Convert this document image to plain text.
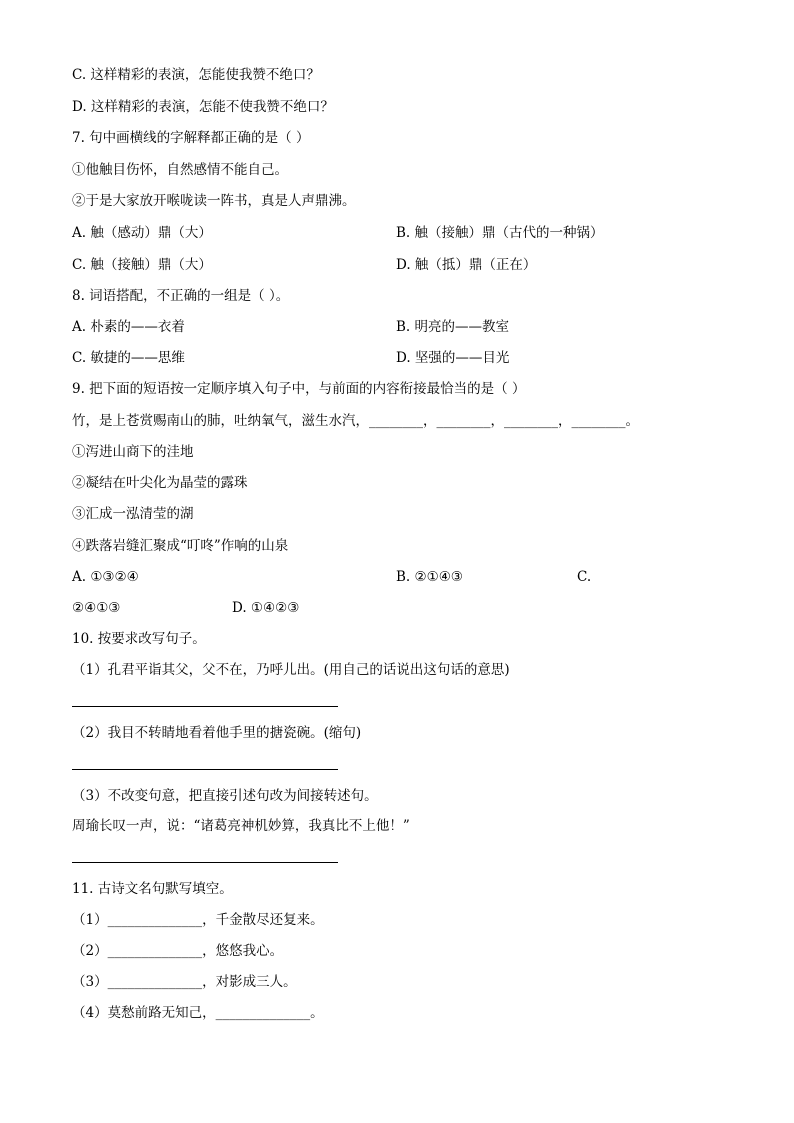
C. 这样精彩的表演，怎能使我赞不绝口？
D. 这样精彩的表演，怎能不使我赞不绝口？
7. 句中画横线的字解释都正确的是（ ）
①他触目伤怀，自然感情不能自己。
②于是大家放开喉咙读一阵书，真是人声鼎沸。
A. 触（感动）鼎（大）	B. 触（接触）鼎（古代的一种锅）
C. 触（接触）鼎（大）	D. 触（抵）鼎（正在）
8. 词语搭配，不正确的一组是（ ）。
A. 朴素的——衣着	B. 明亮的——教室
C. 敏捷的——思维	D. 坚强的——目光
9. 把下面的短语按一定顺序填入句子中，与前面的内容衔接最恰当的是（ ）
竹，是上苍赏赐南山的肺，吐纳氧气，滋生水汽，________，________，________，________。
①泻进山商下的洼地
②凝结在叶尖化为晶莹的露珠
③汇成一泓清莹的湖
④跌落岩缝汇聚成“叮咚”作响的山泉
A. ①③②④	B. ②①④③	C.
②④①③	D. ①④②③
10. 按要求改写句子。
（1）孔君平诣其父，父不在，乃呼儿出。(用自己的话说出这句话的意思)
（2）我目不转睛地看着他手里的搪瓷碗。(缩句)
（3）不改变句意，把直接引述句改为间接转述句。
周瑜长叹一声，说：“诸葛亮神机妙算，我真比不上他！”
11. 古诗文名句默写填空。
（1）______________，千金散尽还复来。
（2）______________，悠悠我心。
（3）______________，对影成三人。
（4）莫愁前路无知己，______________。
